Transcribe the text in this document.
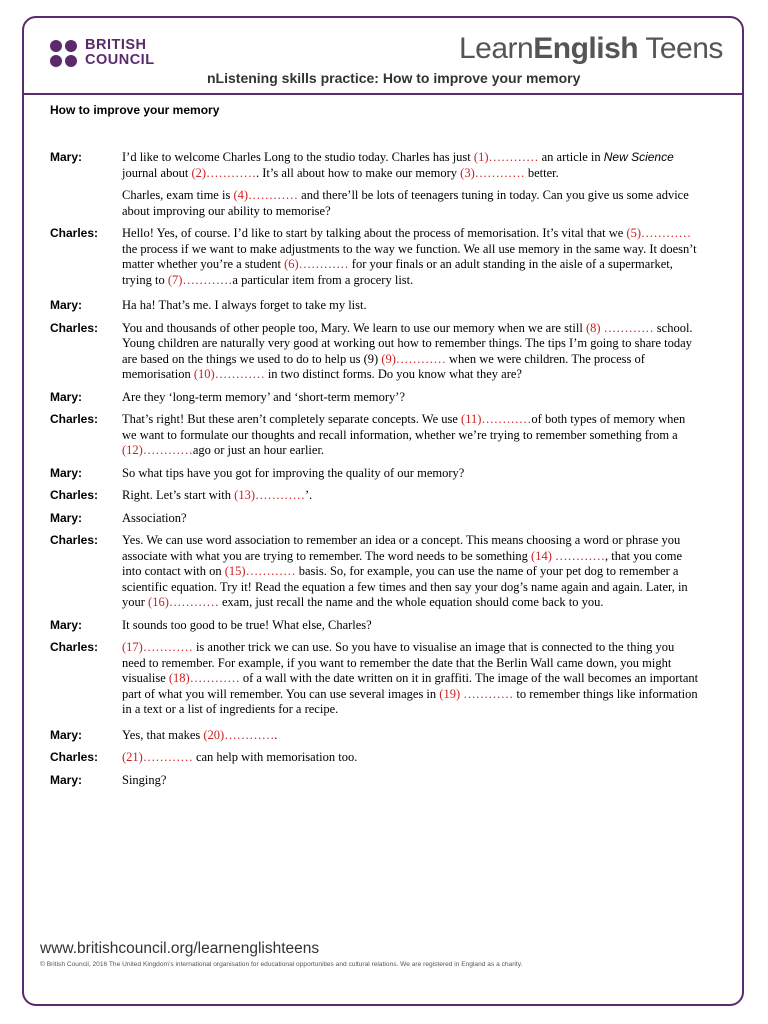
BRITISH
COUNCIL	LearnEnglish Teens
nListening skills practice: How to improve your memory
How to improve your memory
Mary:	I’d like to welcome Charles Long to the studio today. Charles has just (1)………… an article in New Science journal about (2)…………. It’s all about how to make our memory (3)………… better.

Charles, exam time is (4)………… and there’ll be lots of teenagers tuning in today. Can you give us some advice about improving our ability to memorise?

Charles:	Hello! Yes, of course. I’d like to start by talking about the process of memorisation. It’s vital that we (5)………… the process if we want to make adjustments to the way we function. We all use memory in the same way. It doesn’t matter whether you’re a student (6)………… for your finals or an adult standing in the aisle of a supermarket, trying to (7)…………a particular item from a grocery list.

Mary:	Ha ha! That’s me. I always forget to take my list.

Charles:	You and thousands of other people too, Mary. We learn to use our memory when we are still (8) ………… school. Young children are naturally very good at working out how to remember things. The tips I’m going to share today are based on the things we used to do to help us (9) (9)………… when we were children. The process of memorisation (10)………… in two distinct forms. Do you know what they are?

Mary:	Are they ‘long-term memory’ and ‘short-term memory’?

Charles:	That’s right! But these aren’t completely separate concepts. We use (11)…………of both types of memory when we want to formulate our thoughts and recall information, whether we’re trying to remember something from a (12)…………ago or just an hour earlier.

Mary:	So what tips have you got for improving the quality of our memory?

Charles:	Right. Let’s start with (13)…………’.

Mary:	Association?

Charles:	Yes. We can use word association to remember an idea or a concept. This means choosing a word or phrase you associate with what you are trying to remember. The word needs to be something (14) …………, that you come into contact with on (15)………… basis. So, for example, you can use the name of your pet dog to remember a scientific equation. Try it! Read the equation a few times and then say your dog’s name again and again. Later, in your (16)………… exam, just recall the name and the whole equation should come back to you.

Mary:	It sounds too good to be true! What else, Charles?

Charles:	(17)………… is another trick we can use. So you have to visualise an image that is connected to the thing you need to remember. For example, if you want to remember the date that the Berlin Wall came down, you might visualise (18)………… of a wall with the date written on it in graffiti. The image of the wall becomes an important part of what you will remember. You can use several images in (19) ………… to remember things like information in a text or a list of ingredients for a recipe.

Mary:	Yes, that makes (20)………….

Charles:	(21)………… can help with memorisation too.

Mary:	Singing?

www.britishcouncil.org/learnenglishteens
© British Council, 2016 The United Kingdom’s international organisation for educational opportunities and cultural relations. We are registered in England as a charity.
